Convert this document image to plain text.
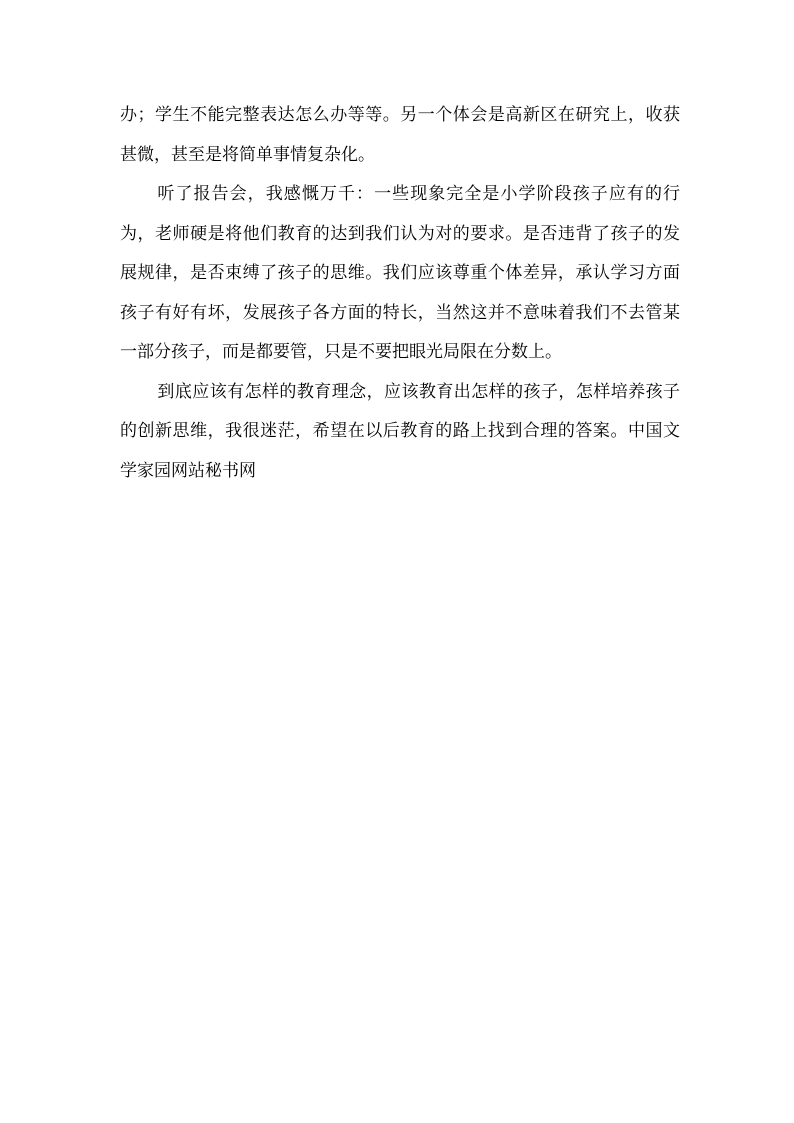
办；学生不能完整表达怎么办等等。另一个体会是高新区在研究上，收获甚微，甚至是将简单事情复杂化。

听了报告会，我感慨万千：一些现象完全是小学阶段孩子应有的行为，老师硬是将他们教育的达到我们认为对的要求。是否违背了孩子的发展规律，是否束缚了孩子的思维。我们应该尊重个体差异，承认学习方面孩子有好有坏，发展孩子各方面的特长，当然这并不意味着我们不去管某一部分孩子，而是都要管，只是不要把眼光局限在分数上。

到底应该有怎样的教育理念，应该教育出怎样的孩子，怎样培养孩子的创新思维，我很迷茫，希望在以后教育的路上找到合理的答案。中国文学家园网站秘书网
